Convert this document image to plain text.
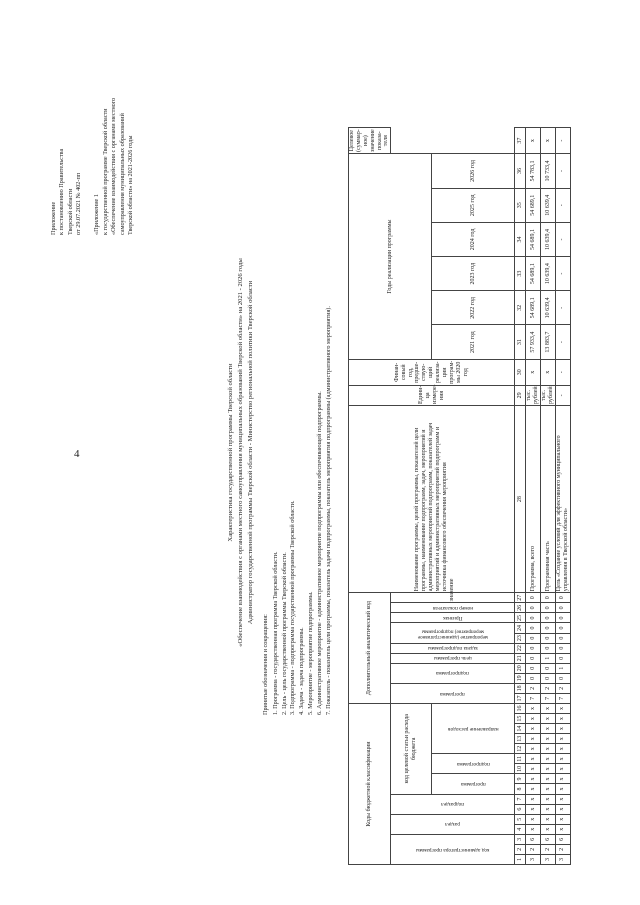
4
Приложение к постановлению Правительства Тверской области от 29.07.2021 № 402-пп «Приложение 1 к государственной программе Тверской области «Обеспечение взаимодействия с органами местного самоуправления муниципальных образований Тверской области» на 2021-2026 годы
Характеристика государственной программы Тверской области «Обеспечение взаимодействия с органами местного самоуправления муниципальных образований Тверской области» на 2021 - 2026 годы Администратор государственной программы Тверской области - Министерство региональной политики Тверской области
Принятые обозначения и сокращения: 1. Программа - государственная программа Тверской области. 2. Цель - цель государственной программы Тверской области. 3. Подпрограмма - подпрограмма государственной программы Тверской области. 4. Задача - задача подпрограммы. 5. Мероприятие - мероприятие подпрограммы. 6. Административное мероприятие - административное мероприятие подпрограммы или обеспечивающей подпрограммы. 7. Показатель - показатель цели программы, показатель задачи подпрограммы, показатель мероприятия подпрограммы (административного мероприятия).
Коды бюджетной классификации																Дополнительный аналитический код											Наименование программы, целей программы, показателей цели программы, наименование подпрограмм, задач, мероприятий и административных мероприятий подпрограмм, показателей задач мероприятий и административных мероприятий подпрограмм и источника финансового обеспечения мероприятия	Едини-ца измере-ния	Финан-совый год, предше-ствую-щий реализа-ции програм-мы 2020 год	Годы реализации программы						Целевое (суммар-ное) значение показа-теля

код администратора программы			раздел		подраздел		код целевой статьи расхода бюджета									программа		подпрограмма		цель программы	задача подпрограммы	мероприятие (административное мероприятие) подпрограммы		Признак	номер показателя	значение										

							программа		подпрограмма		направление расходов																			2021 год	2022 год	2023 год	2024 год	2025 год	2026 год	
1	2	3	4	5	6	7	8	9	10	11	12	13	14	15	16	17	18	19	20	21	22	23	24	25	26	27	28	29	30	31	32	33	34	35	36	37
3	2	6	x	x	x	x	x	x	x	x	x	x	x	x	x	7	2	0	0	0	0	0	0	0	0	0	Программа, всего	тыс. рублей	x	57 933,4	54 689,1	54 689,1	54 689,1	54 689,1	54 783,1	x
3	2	6	x	x	x	x	x	x	x	x	x	x	x	x	x	7	2	0	0	1	0	0	0	0	0	0	Программная часть	тыс. рублей	x	13 883,7	10 639,4	10 639,4	10 639,4	10 639,4	10 733,4	x
3	2	6	x	x	x	x	x	x	x	x	x	x	x	x	x	7	2	0	1	0	0	0	0	0	0	0	Цель «Создание условий для эффективного муниципального управления в Тверской области»	-	-	-	-	-	-	-	-	-
